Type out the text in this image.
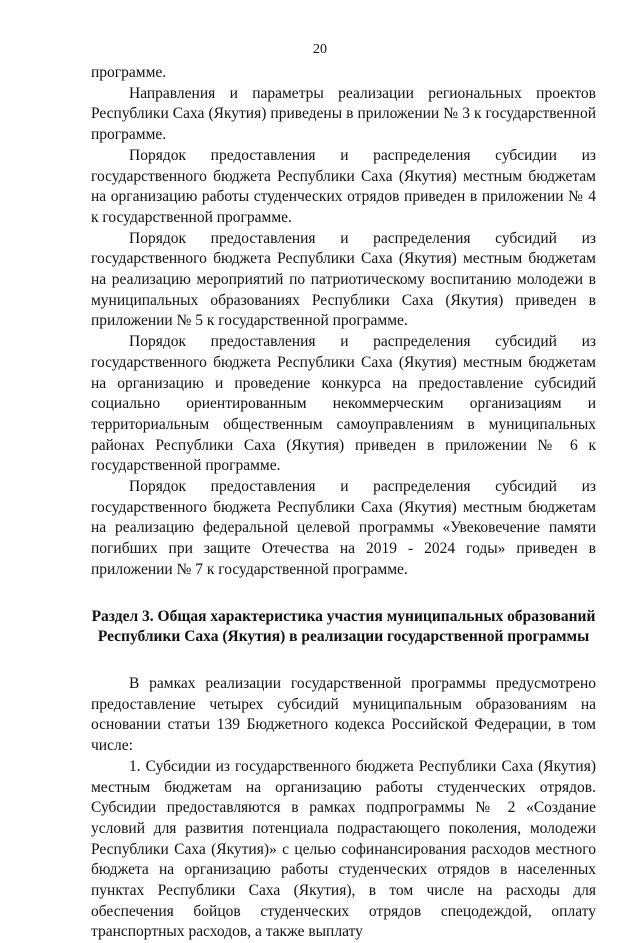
20

программе.

Направления и параметры реализации региональных проектов Республики Саха (Якутия) приведены в приложении № 3 к государственной программе.

Порядок предоставления и распределения субсидии из государственного бюджета Республики Саха (Якутия) местным бюджетам на организацию работы студенческих отрядов приведен в приложении № 4 к государственной программе.

Порядок предоставления и распределения субсидий из государственного бюджета Республики Саха (Якутия) местным бюджетам на реализацию мероприятий по патриотическому воспитанию молодежи в муниципальных образованиях Республики Саха (Якутия) приведен в приложении № 5 к государственной программе.

Порядок предоставления и распределения субсидий из государственного бюджета Республики Саха (Якутия) местным бюджетам на организацию и проведение конкурса на предоставление субсидий социально ориентированным некоммерческим организациям и территориальным общественным самоуправлениям в муниципальных районах Республики Саха (Якутия) приведен в приложении № 6 к государственной программе.

Порядок предоставления и распределения субсидий из государственного бюджета Республики Саха (Якутия) местным бюджетам на реализацию федеральной целевой программы «Увековечение памяти погибших при защите Отечества на 2019 - 2024 годы» приведен в приложении № 7 к государственной программе.

Раздел 3. Общая характеристика участия муниципальных образований Республики Саха (Якутия) в реализации государственной программы

В рамках реализации государственной программы предусмотрено предоставление четырех субсидий муниципальным образованиям на основании статьи 139 Бюджетного кодекса Российской Федерации, в том числе:

1. Субсидии из государственного бюджета Республики Саха (Якутия) местным бюджетам на организацию работы студенческих отрядов. Субсидии предоставляются в рамках подпрограммы № 2 «Создание условий для развития потенциала подрастающего поколения, молодежи Республики Саха (Якутия)» с целью софинансирования расходов местного бюджета на организацию работы студенческих отрядов в населенных пунктах Республики Саха (Якутия), в том числе на расходы для обеспечения бойцов студенческих отрядов спецодеждой, оплату транспортных расходов, а также выплату
